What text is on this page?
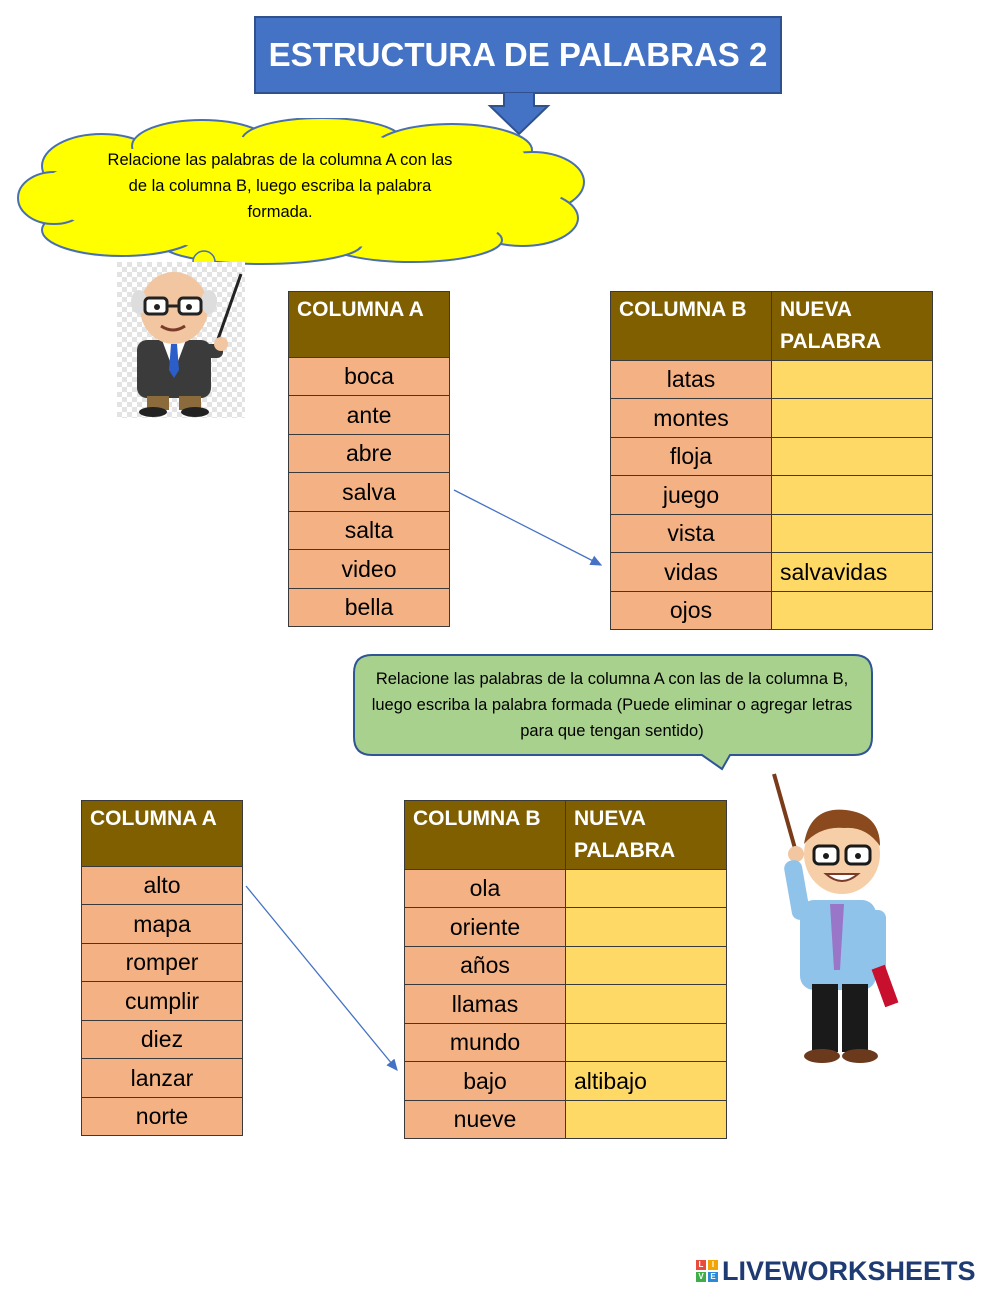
ESTRUCTURA DE PALABRAS 2
Relacione las palabras de la columna A con las de la columna B, luego escriba la palabra formada.
COLUMNA A
boca
ante
abre
salva
salta
video
bella
COLUMNA B	NUEVA PALABRA
latas	
montes	
floja	
juego	
vista	
vidas	salvavidas
ojos	
Relacione las palabras de la columna A con las de la columna B, luego escriba la palabra formada (Puede eliminar o agregar letras para que tengan sentido)
COLUMNA A
alto
mapa
romper
cumplir
diez
lanzar
norte
COLUMNA B	NUEVA PALABRA
ola	
oriente	
años	
llamas	
mundo	
bajo	altibajo
nueve	
L	I
V E LIVEWORKSHEETS
